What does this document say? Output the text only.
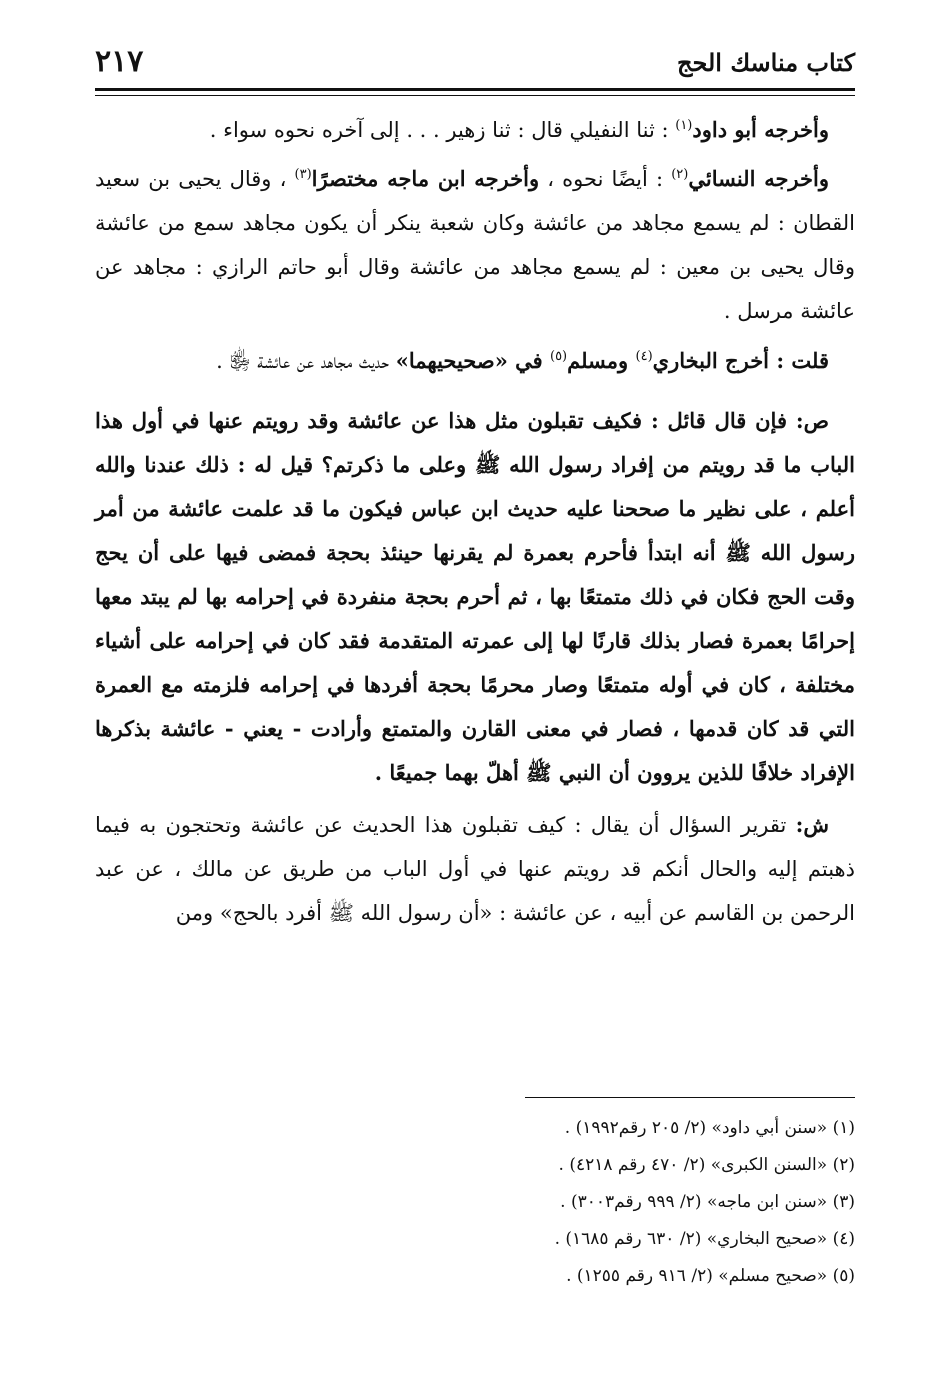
كتاب مناسك الحج
٢١٧

وأخرجه أبو داود$^{(١)}$ : ثنا النفيلي قال : ثنا زهير . . . إلى آخره نحوه سواء .

وأخرجه النسائي$^{(٢)}$ : أيضًا نحوه ، وأخرجه ابن ماجه مختصرًا$^{(٣)}$ ، وقال يحيى بن سعيد القطان : لم يسمع مجاهد من عائشة وكان شعبة ينكر أن يكون مجاهد سمع من عائشة وقال يحيى بن معين : لم يسمع مجاهد من عائشة وقال أبو حاتم الرازي : مجاهد عن عائشة مرسل .

قلت : أخرج البخاري$^{(٤)}$ ومسلم$^{(٥)}$ في «صحيحيهما» حديث مجاهد عن عائشة ﵂ .

ص: فإن قال قائل : فكيف تقبلون مثل هذا عن عائشة وقد رويتم عنها في أول هذا الباب ما قد رويتم من إفراد رسول الله ﷺ وعلى ما ذكرتم؟ قيل له : ذلك عندنا والله أعلم ، على نظير ما صححنا عليه حديث ابن عباس فيكون ما قد علمت عائشة من أمر رسول الله ﷺ أنه ابتدأ فأحرم بعمرة لم يقرنها حينئذ بحجة فمضى فيها على أن يحج وقت الحج فكان في ذلك متمتعًا بها ، ثم أحرم بحجة منفردة في إحرامه بها لم يبتد معها إحرامًا بعمرة فصار بذلك قارنًا لها إلى عمرته المتقدمة فقد كان في إحرامه على أشياء مختلفة ، كان في أوله متمتعًا وصار محرمًا بحجة أفردها في إحرامه فلزمته مع العمرة التي قد كان قدمها ، فصار في معنى القارن والمتمتع وأرادت - يعني - عائشة بذكرها الإفراد خلافًا للذين يروون أن النبي ﷺ أهلّ بهما جميعًا .

ش: تقرير السؤال أن يقال : كيف تقبلون هذا الحديث عن عائشة وتحتجون به فيما ذهبتم إليه والحال أنكم قد رويتم عنها في أول الباب من طريق عن مالك ، عن عبد الرحمن بن القاسم عن أبيه ، عن عائشة : «أن رسول الله ﷺ أفرد بالحج» ومن

(١) «سنن أبي داود» (٢/ ٢٠٥ رقم١٩٩٢) .

(٢) «السنن الكبرى» (٢/ ٤٧٠ رقم ٤٢١٨) .

(٣) «سنن ابن ماجه» (٢/ ٩٩٩ رقم٣٠٠٣) .

(٤) «صحيح البخاري» (٢/ ٦٣٠ رقم ١٦٨٥) .

(٥) «صحيح مسلم» (٢/ ٩١٦ رقم ١٢٥٥) .
